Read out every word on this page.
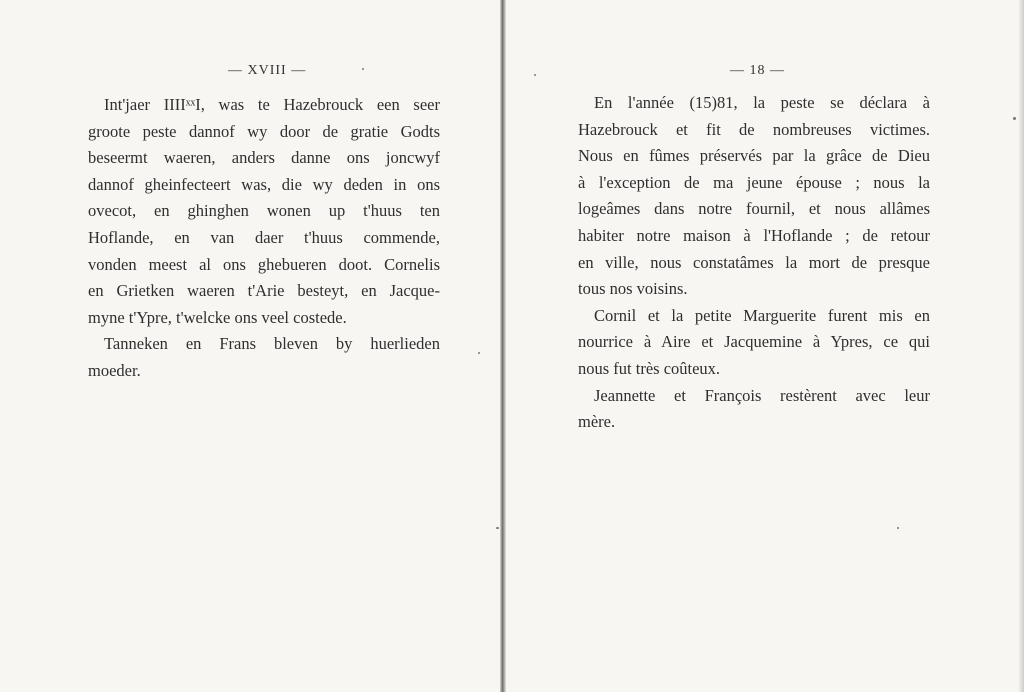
— XVIII —	— 18 —
Int'jaer IIIIˣˣI, was te Hazebrouck een seer
groote peste dannof wy door de gratie Godts
beseermt waeren, anders danne ons joncwyf
dannof gheinfecteert was, die wy deden in ons
ovecot, en ghinghen wonen up t'huus ten
Hoflande, en van daer t'huus commende,
vonden meest al ons ghebueren doot. Cornelis
en Grietken waeren t'Arie besteyt, en Jacque-
myne t'Ypre, t'welcke ons veel costede.
Tanneken en Frans bleven by huerlieden
moeder.
En l'année (15)81, la peste se déclara à
Hazebrouck et fit de nombreuses victimes.
Nous en fûmes préservés par la grâce de Dieu
à l'exception de ma jeune épouse ; nous la
logeâmes dans notre fournil, et nous allâmes
habiter notre maison à l'Hoflande ; de retour
en ville, nous constatâmes la mort de presque
tous nos voisins.
Cornil et la petite Marguerite furent mis en
nourrice à Aire et Jacquemine à Ypres, ce qui
nous fut très coûteux.
Jeannette et François restèrent avec leur
mère.
